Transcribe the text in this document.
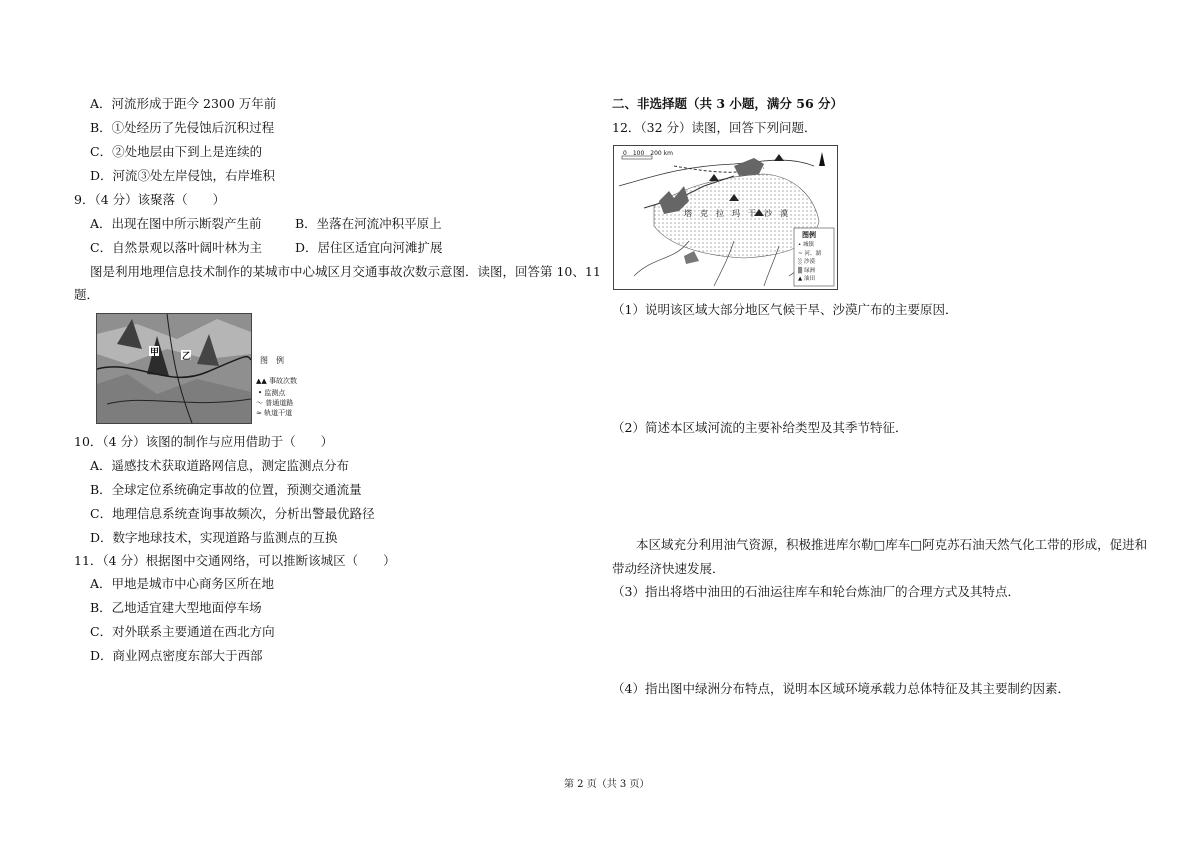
A．河流形成于距今 2300 万年前
B．①处经历了先侵蚀后沉积过程
C．②处地层由下到上是连续的
D．河流③处左岸侵蚀，右岸堆积
9．（4 分）该聚落（　　）
A．出现在图中所示断裂产生前	B．坐落在河流冲积平原上
C．自然景观以落叶阔叶林为主	D．居住区适宜向河滩扩展
图是利用地理信息技术制作的某城市中心城区月交通事故次数示意图．读图，回答第 10、11
题．
甲	乙	图　例
▲▲ 事故次数
• 监测点
〜 普通道路
≈ 轨道干道
10．（4 分）该图的制作与应用借助于（　　）
A．遥感技术获取道路网信息，测定监测点分布
B．全球定位系统确定事故的位置，预测交通流量
C．地理信息系统查询事故频次，分析出警最优路径
D．数字地球技术，实现道路与监测点的互换
11．（4 分）根据图中交通网络，可以推断该城区（　　）
A．甲地是城市中心商务区所在地
B．乙地适宜建大型地面停车场
C．对外联系主要通道在西北方向
D．商业网点密度东部大于西部
二、非选择题（共 3 小题，满分 56 分）
12．（32 分）读图，回答下列问题．
0　100　200 km
塔　克　拉　玛　干　沙　漠
图例
• 城镇
~ 河、湖
░ 沙漠
▒ 绿洲
▲ 油田
（1）说明该区域大部分地区气候干旱、沙漠广布的主要原因．
（2）简述本区域河流的主要补给类型及其季节特征．
本区域充分利用油气资源，积极推进库尔勒□库车□阿克苏石油天然气化工带的形成，促进和
带动经济快速发展．
（3）指出将塔中油田的石油运往库车和轮台炼油厂的合理方式及其特点．
（4）指出图中绿洲分布特点，说明本区域环境承载力总体特征及其主要制约因素．
第 2 页（共 3 页）
